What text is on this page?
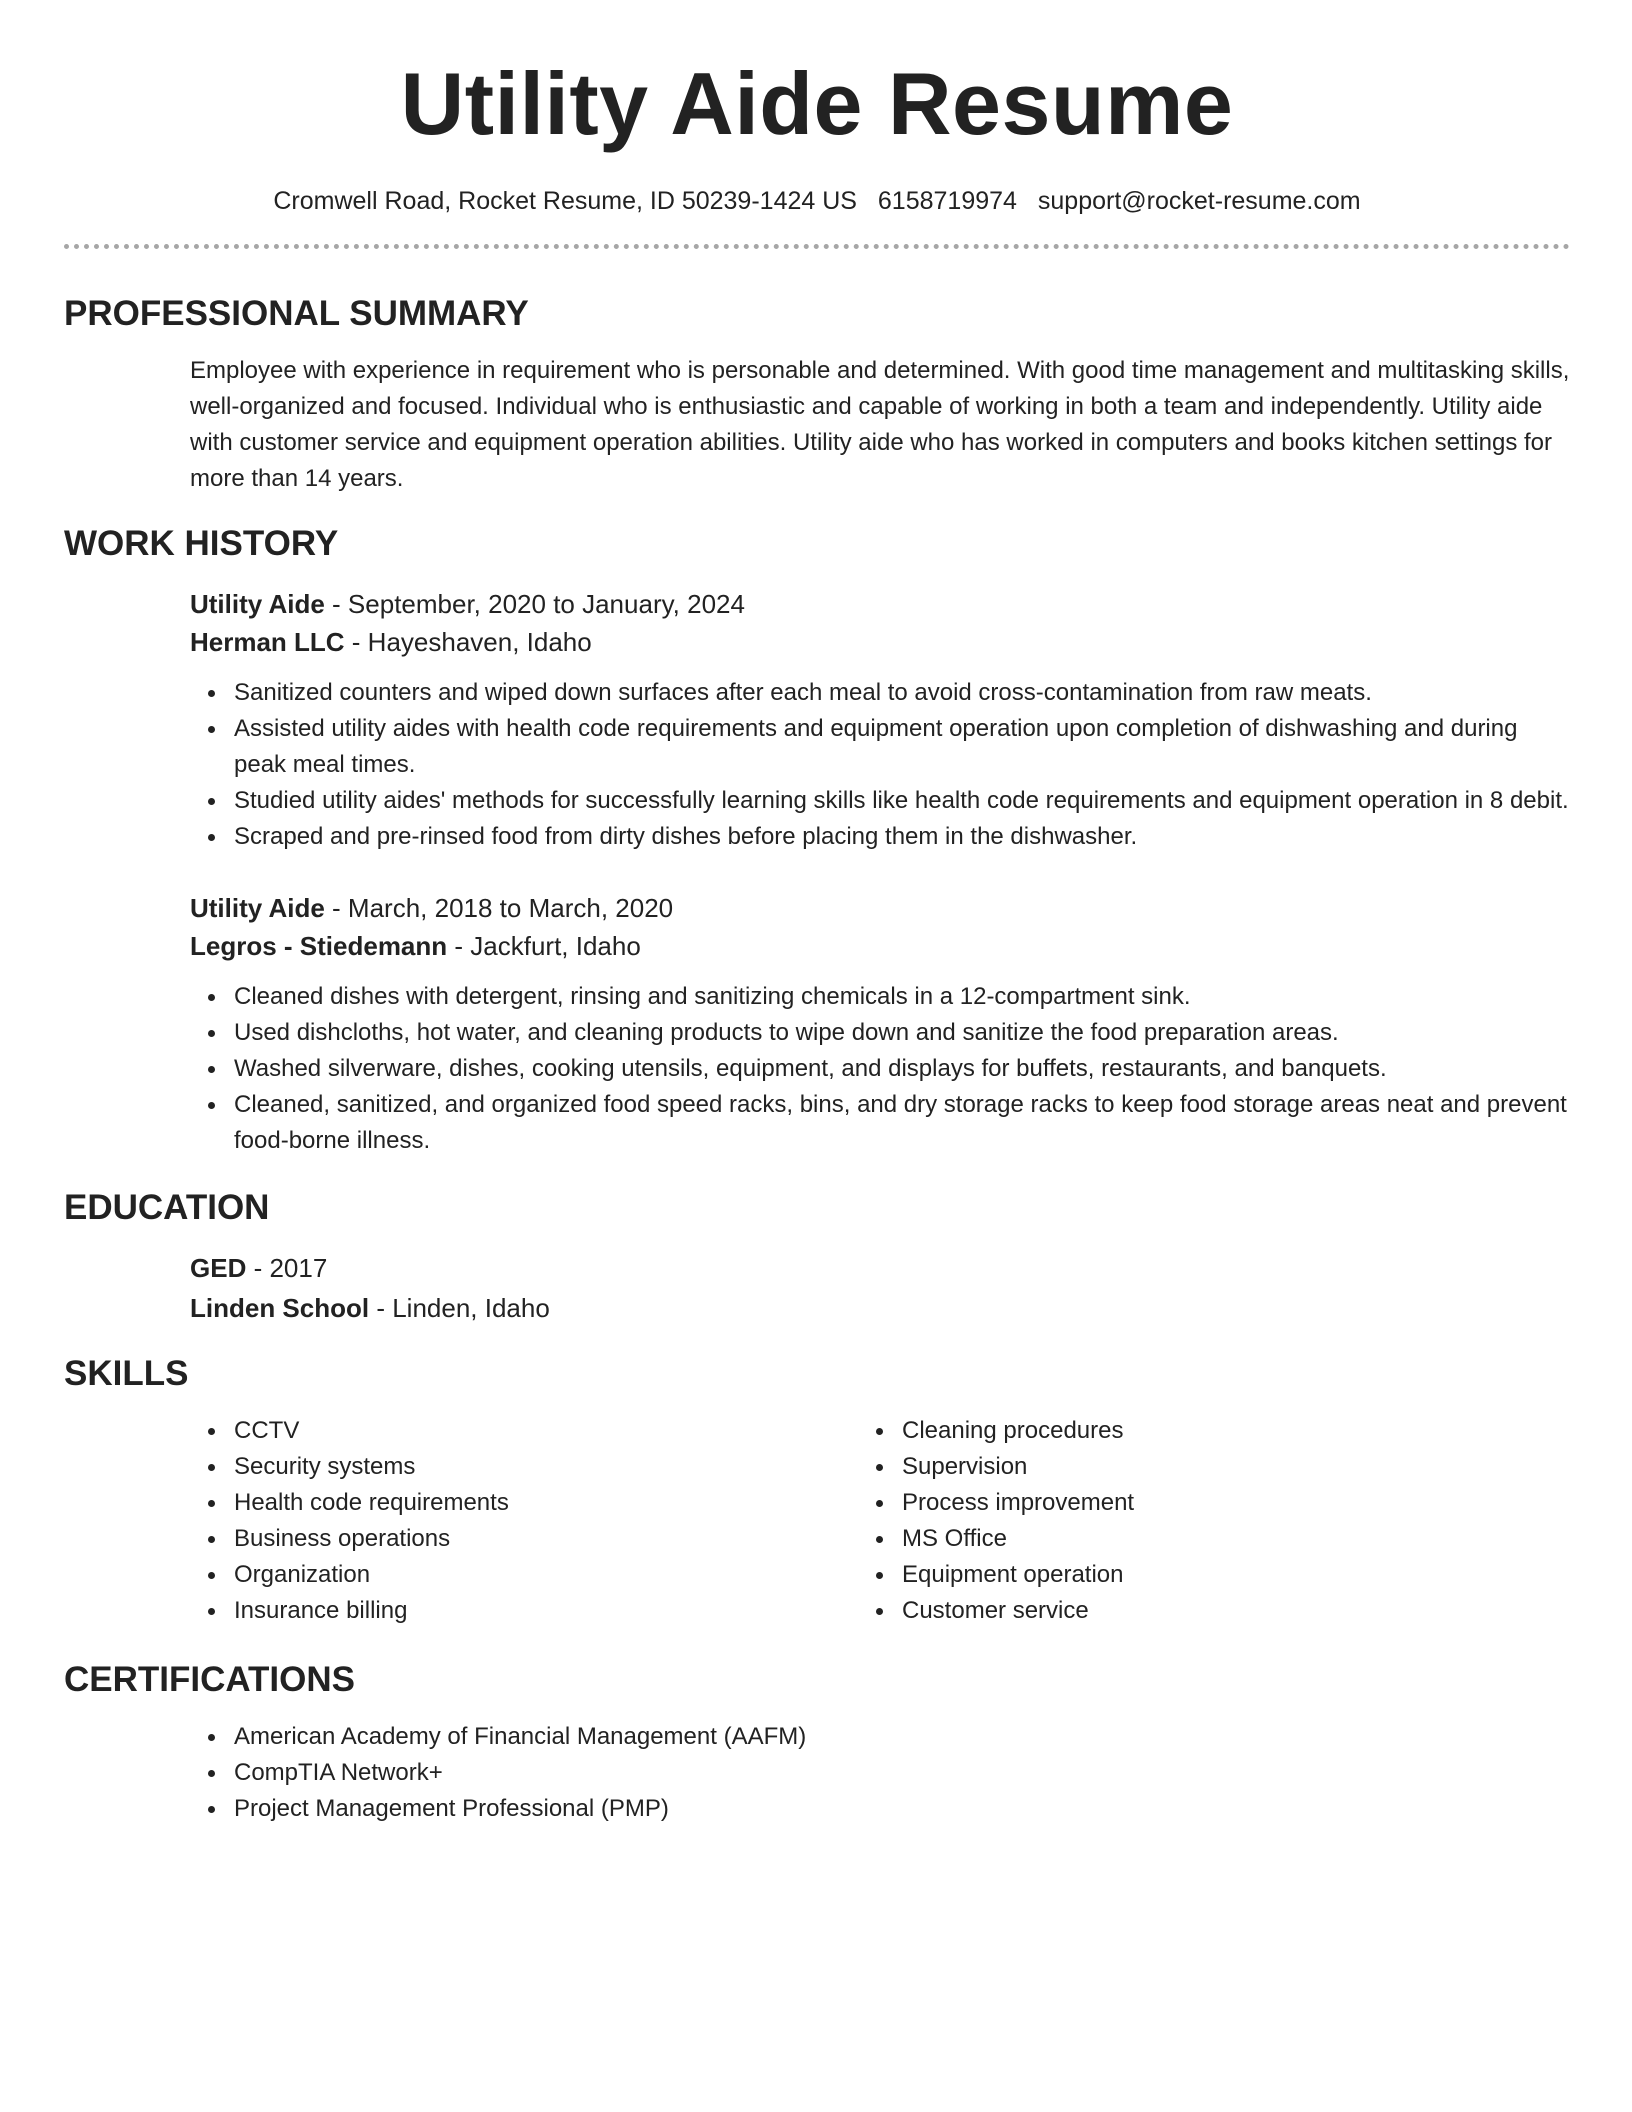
Utility Aide Resume
Cromwell Road, Rocket Resume, ID 50239-1424 US 6158719974 support@rocket-resume.com
PROFESSIONAL SUMMARY

Employee with experience in requirement who is personable and determined. With good time management and multitasking skills, well-organized and focused. Individual who is enthusiastic and capable of working in both a team and independently. Utility aide with customer service and equipment operation abilities. Utility aide who has worked in computers and books kitchen settings for more than 14 years.

WORK HISTORY
Utility Aide - September, 2020 to January, 2024
Herman LLC - Hayeshaven, Idaho
Sanitized counters and wiped down surfaces after each meal to avoid cross-contamination from raw meats.
Assisted utility aides with health code requirements and equipment operation upon completion of dishwashing and during peak meal times.
Studied utility aides' methods for successfully learning skills like health code requirements and equipment operation in 8 debit.
Scraped and pre-rinsed food from dirty dishes before placing them in the dishwasher.
Utility Aide - March, 2018 to March, 2020
Legros - Stiedemann - Jackfurt, Idaho
Cleaned dishes with detergent, rinsing and sanitizing chemicals in a 12-compartment sink.
Used dishcloths, hot water, and cleaning products to wipe down and sanitize the food preparation areas.
Washed silverware, dishes, cooking utensils, equipment, and displays for buffets, restaurants, and banquets.
Cleaned, sanitized, and organized food speed racks, bins, and dry storage racks to keep food storage areas neat and prevent food-borne illness.
EDUCATION
GED - 2017
Linden School - Linden, Idaho
SKILLS
CCTV
Security systems
Health code requirements
Business operations
Organization
Insurance billing
Cleaning procedures
Supervision
Process improvement
MS Office
Equipment operation
Customer service
CERTIFICATIONS
American Academy of Financial Management (AAFM)
CompTIA Network+
Project Management Professional (PMP)
